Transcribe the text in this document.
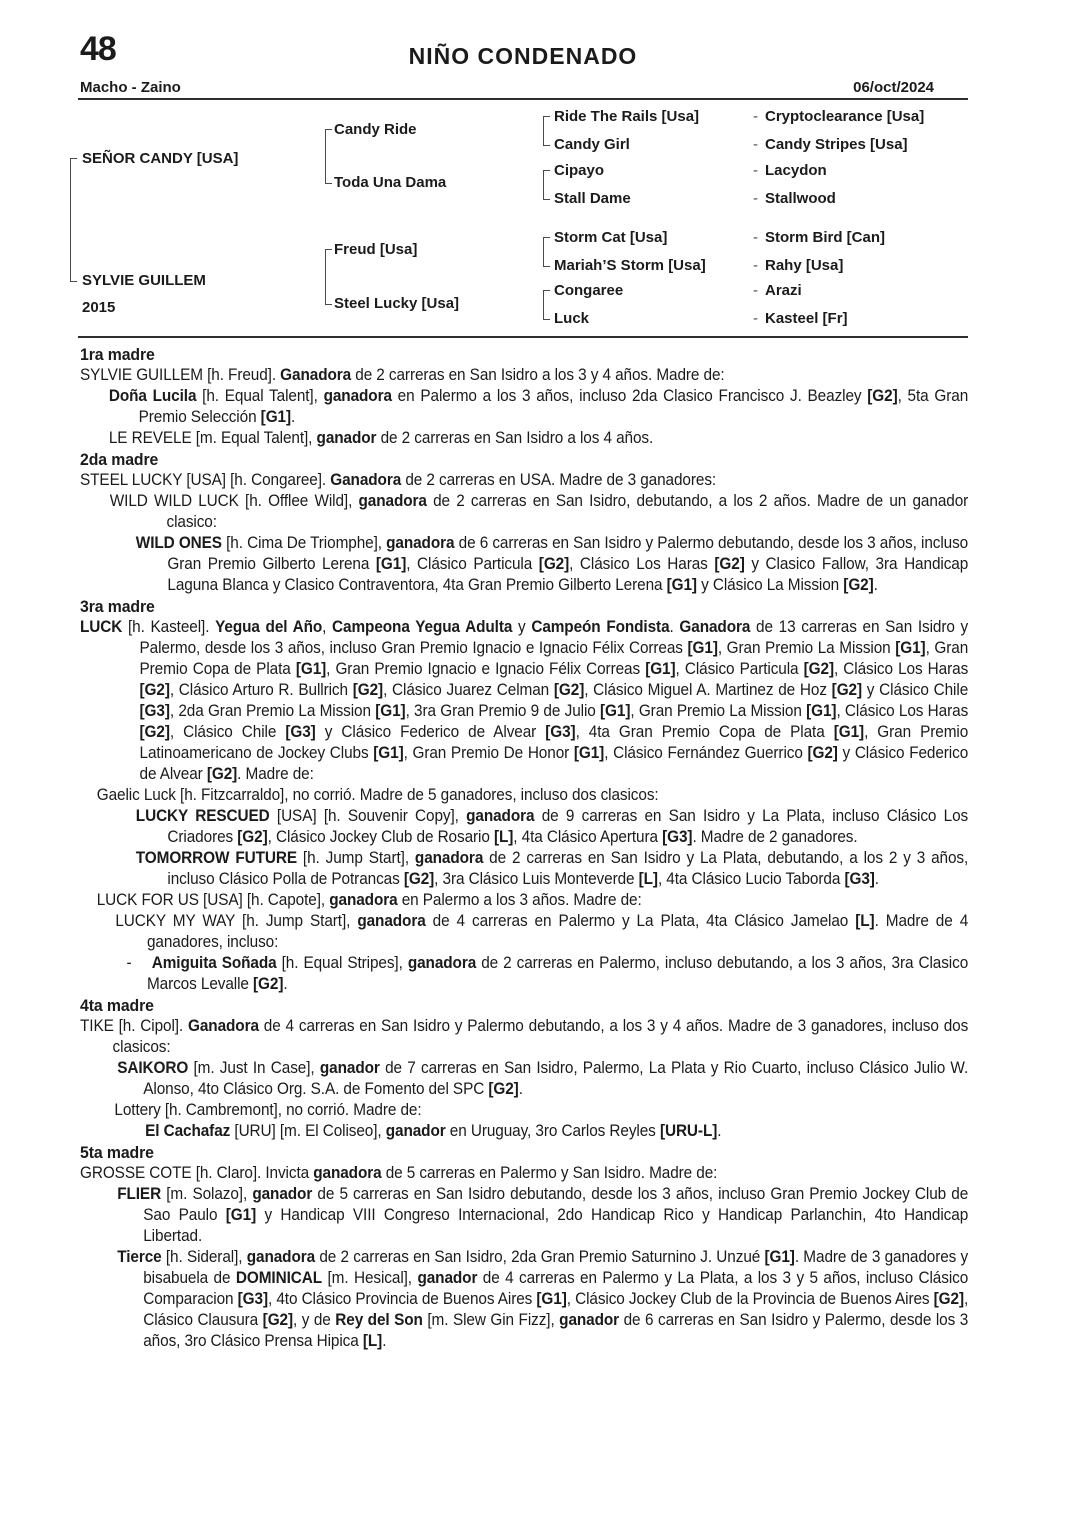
48	NIÑO CONDENADO
Macho - Zaino	06/oct/2024
SEÑOR CANDY [USA]
SYLVIE GUILLEM
2015
Candy Ride
Toda Una Dama
Freud [Usa]
Steel Lucky [Usa]
Ride The Rails [Usa]
Candy Girl
Cipayo
Stall Dame
Storm Cat [Usa]
Mariah’S Storm [Usa]
Congaree
Luck
- Cryptoclearance [Usa]
- Candy Stripes [Usa]
- Lacydon
- Stallwood
- Storm Bird [Can]
- Rahy [Usa]
- Arazi
- Kasteel [Fr]
1ra madre

SYLVIE GUILLEM [h. Freud]. Ganadora de 2 carreras en San Isidro a los 3 y 4 años. Madre de:

Doña Lucila [h. Equal Talent], ganadora en Palermo a los 3 años, incluso 2da Clasico Francisco J. Beazley [G2], 5ta Gran Premio Selección [G1].

LE REVELE [m. Equal Talent], ganador de 2 carreras en San Isidro a los 4 años.

2da madre

STEEL LUCKY [USA] [h. Congaree]. Ganadora de 2 carreras en USA. Madre de 3 ganadores:

WILD WILD LUCK [h. Offlee Wild], ganadora de 2 carreras en San Isidro, debutando, a los 2 años. Madre de un ganador clasico:

WILD ONES [h. Cima De Triomphe], ganadora de 6 carreras en San Isidro y Palermo debutando, desde los 3 años, incluso Gran Premio Gilberto Lerena [G1], Clásico Particula [G2], Clásico Los Haras [G2] y Clasico Fallow, 3ra Handicap Laguna Blanca y Clasico Contraventora, 4ta Gran Premio Gilberto Lerena [G1] y Clásico La Mission [G2].

3ra madre

LUCK [h. Kasteel]. Yegua del Año, Campeona Yegua Adulta y Campeón Fondista. Ganadora de 13 carreras en San Isidro y Palermo, desde los 3 años, incluso Gran Premio Ignacio e Ignacio Félix Correas [G1], Gran Premio La Mission [G1], Gran Premio Copa de Plata [G1], Gran Premio Ignacio e Ignacio Félix Correas [G1], Clásico Particula [G2], Clásico Los Haras [G2], Clásico Arturo R. Bullrich [G2], Clásico Juarez Celman [G2], Clásico Miguel A. Martinez de Hoz [G2] y Clásico Chile [G3], 2da Gran Premio La Mission [G1], 3ra Gran Premio 9 de Julio [G1], Gran Premio La Mission [G1], Clásico Los Haras [G2], Clásico Chile [G3] y Clásico Federico de Alvear [G3], 4ta Gran Premio Copa de Plata [G1], Gran Premio Latinoamericano de Jockey Clubs [G1], Gran Premio De Honor [G1], Clásico Fernández Guerrico [G2] y Clásico Federico de Alvear [G2]. Madre de:

Gaelic Luck [h. Fitzcarraldo], no corrió. Madre de 5 ganadores, incluso dos clasicos:

LUCKY RESCUED [USA] [h. Souvenir Copy], ganadora de 9 carreras en San Isidro y La Plata, incluso Clásico Los Criadores [G2], Clásico Jockey Club de Rosario [L], 4ta Clásico Apertura [G3]. Madre de 2 ganadores.

TOMORROW FUTURE [h. Jump Start], ganadora de 2 carreras en San Isidro y La Plata, debutando, a los 2 y 3 años, incluso Clásico Polla de Potrancas [G2], 3ra Clásico Luis Monteverde [L], 4ta Clásico Lucio Taborda [G3].

LUCK FOR US [USA] [h. Capote], ganadora en Palermo a los 3 años. Madre de:

LUCKY MY WAY [h. Jump Start], ganadora de 4 carreras en Palermo y La Plata, 4ta Clásico Jamelao [L]. Madre de 4 ganadores, incluso:

-    Amiguita Soñada [h. Equal Stripes], ganadora de 2 carreras en Palermo, incluso debutando, a los 3 años, 3ra Clasico Marcos Levalle [G2].

4ta madre

TIKE [h. Cipol]. Ganadora de 4 carreras en San Isidro y Palermo debutando, a los 3 y 4 años. Madre de 3 ganadores, incluso dos clasicos:

SAIKORO [m. Just In Case], ganador de 7 carreras en San Isidro, Palermo, La Plata y Rio Cuarto, incluso Clásico Julio W. Alonso, 4to Clásico Org. S.A. de Fomento del SPC [G2].

Lottery [h. Cambremont], no corrió. Madre de:

El Cachafaz [URU] [m. El Coliseo], ganador en Uruguay, 3ro Carlos Reyles [URU-L].

5ta madre

GROSSE COTE [h. Claro]. Invicta ganadora de 5 carreras en Palermo y San Isidro. Madre de:

FLIER [m. Solazo], ganador de 5 carreras en San Isidro debutando, desde los 3 años, incluso Gran Premio Jockey Club de Sao Paulo [G1] y Handicap VIII Congreso Internacional, 2do Handicap Rico y Handicap Parlanchin, 4to Handicap Libertad.

Tierce [h. Sideral], ganadora de 2 carreras en San Isidro, 2da Gran Premio Saturnino J. Unzué [G1]. Madre de 3 ganadores y bisabuela de DOMINICAL [m. Hesical], ganador de 4 carreras en Palermo y La Plata, a los 3 y 5 años, incluso Clásico Comparacion [G3], 4to Clásico Provincia de Buenos Aires [G1], Clásico Jockey Club de la Provincia de Buenos Aires [G2], Clásico Clausura [G2], y de Rey del Son [m. Slew Gin Fizz], ganador de 6 carreras en San Isidro y Palermo, desde los 3 años, 3ro Clásico Prensa Hipica [L].
